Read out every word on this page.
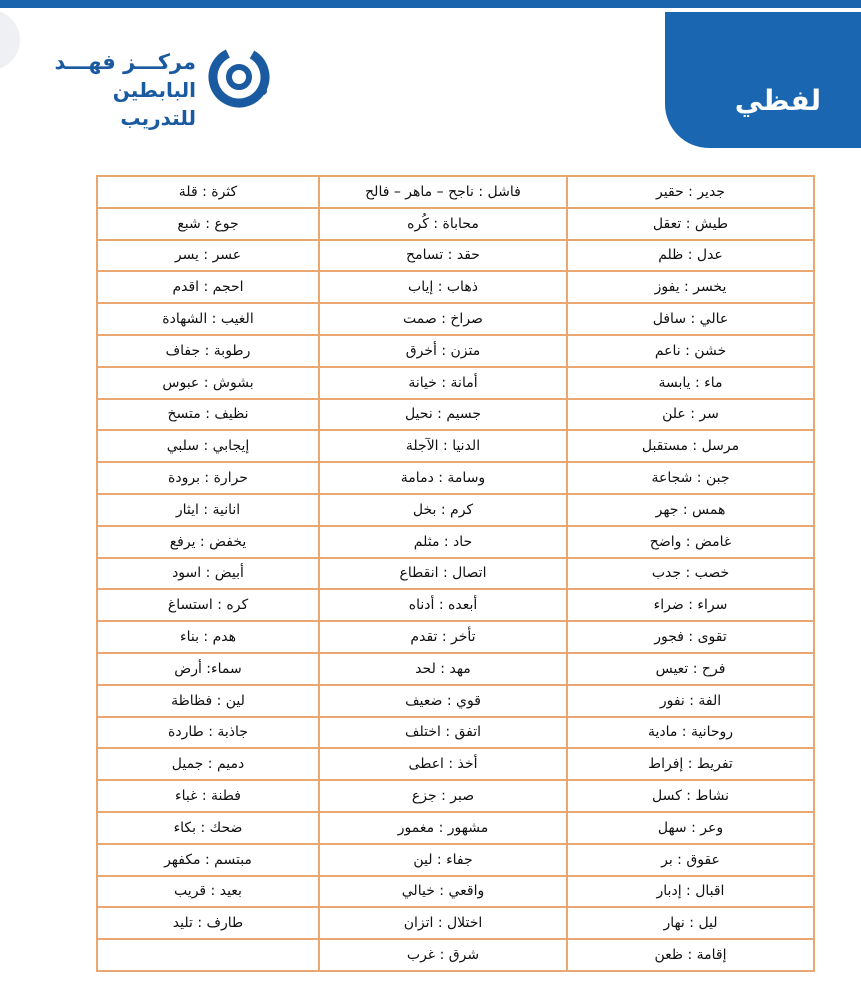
لفظي
مركـــز فهـــد
البابطين للتدريب
جدير : حقير	فاشل : ناجح – ماهر – فالح	كثرة : قلة
طيش : تعقل	محاباة : كُره	جوع : شبع
عدل : ظلم	حقد : تسامح	عسر : يسر
يخسر : يفوز	ذهاب : إياب	احجم : اقدم
عالي : سافل	صراخ : صمت	الغيب : الشهادة
خشن : ناعم	متزن : أخرق	رطوبة : جفاف
ماء : يابسة	أمانة : خيانة	بشوش : عبوس
سر : علن	جسيم : نحيل	نظيف : متسخ
مرسل : مستقبل	الدنيا : الآجلة	إيجابي : سلبي
جبن : شجاعة	وسامة : دمامة	حرارة : برودة
همس : جهر	كرم : بخل	انانية : ايثار
غامض : واضح	حاد : مثلم	يخفض : يرفع
خصب : جدب	اتصال : انقطاع	أبيض : اسود
سراء : ضراء	أبعده : أدناه	كره : استساغ
تقوى : فجور	تأخر : تقدم	هدم : بناء
فرح : تعيس	مهد : لحد	سماء: أرض
الفة : نفور	قوي : ضعيف	لين : فظاظة
روحانية : مادية	اتفق : اختلف	جاذبة : طاردة
تفريط : إفراط	أخذ : اعطى	دميم : جميل
نشاط : كسل	صبر : جزع	فطنة : غباء
وعر : سهل	مشهور : مغمور	ضحك : بكاء
عقوق : بر	جفاء : لين	مبتسم : مكفهر
اقبال : إدبار	واقعي : خيالي	بعيد : قريب
ليل : نهار	اختلال : اتزان	طارف : تليد
إقامة : ظعن	شرق : غرب	
